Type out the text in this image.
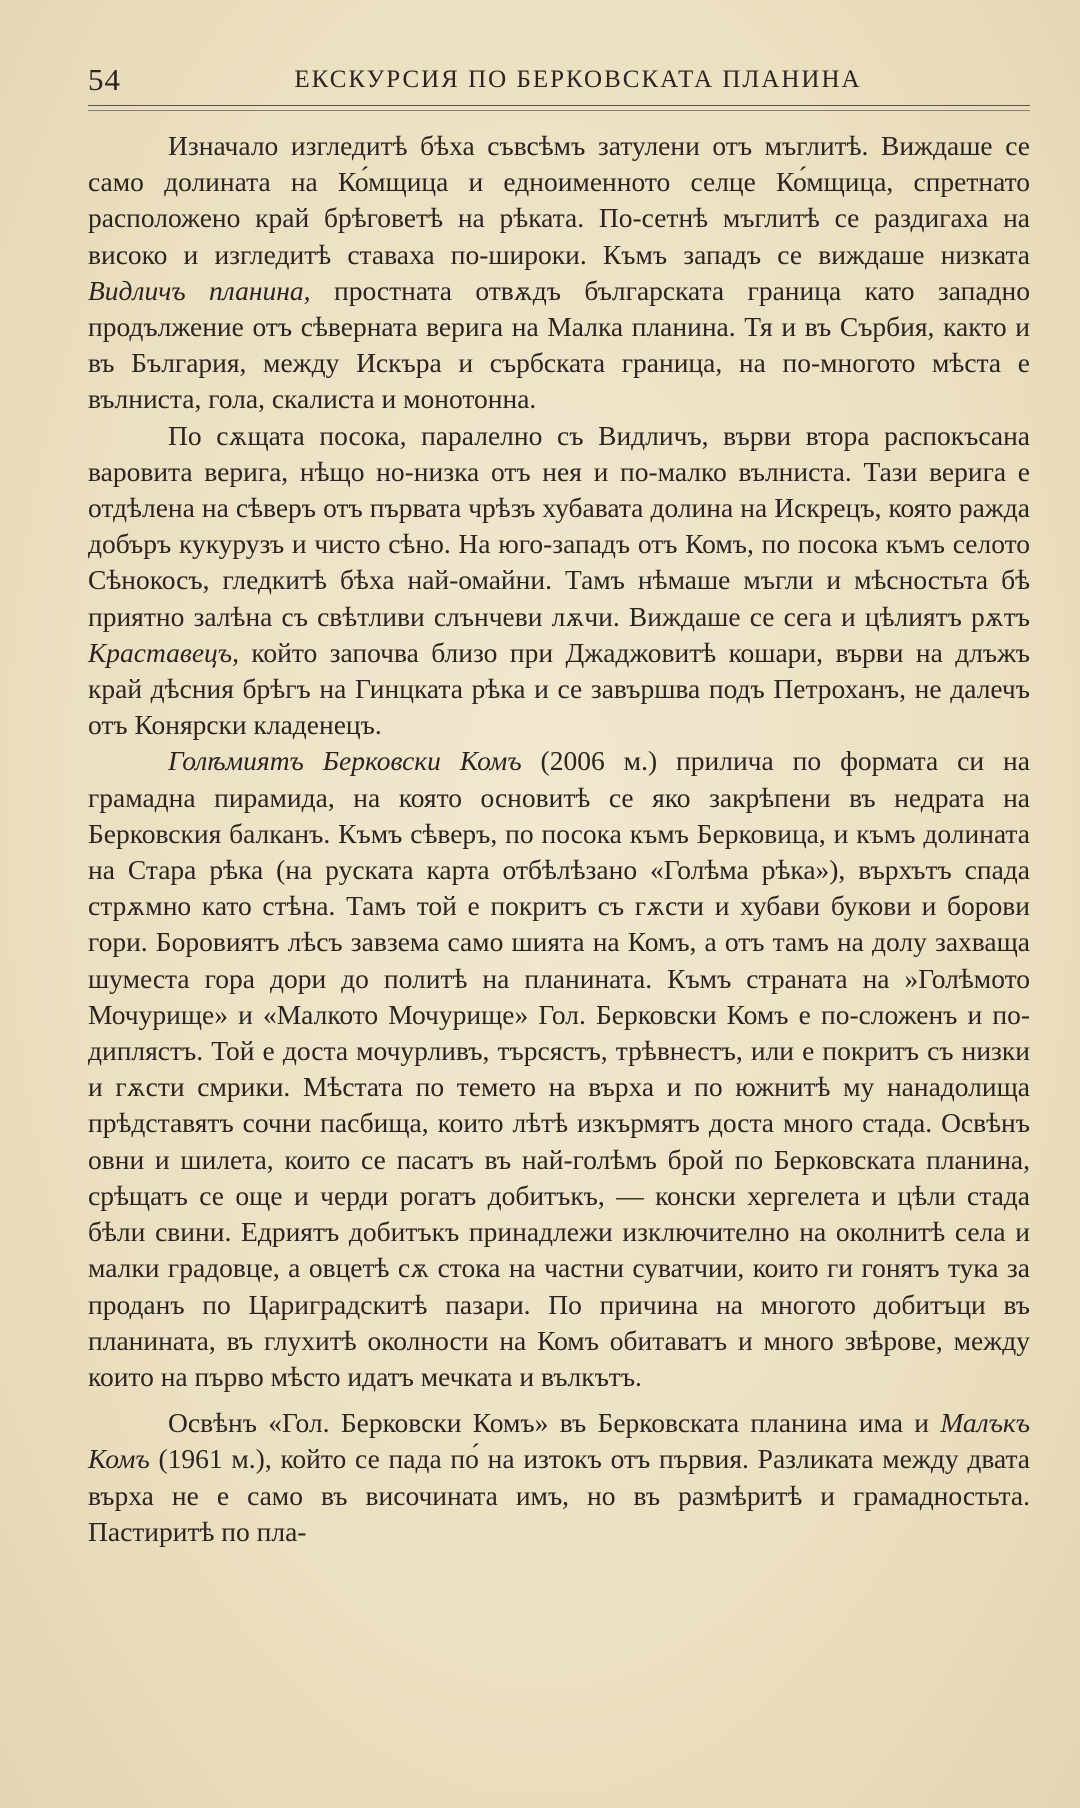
54	ЕКСКУРСИЯ ПО БЕРКОВСКАТА ПЛАНИНА

Изначало изгледитѣ бѣха съвсѣмъ затулени отъ мъглитѣ. Виждаше се само долината на Ко́мщица и едноименното селце Ко́мщица, спретнато расположено край брѣговетѣ на рѣката. По-сетнѣ мъглитѣ се раздигаха на високо и изгледитѣ ставаха по-широки. Къмъ западъ се виждаше низката Видличъ планина, простната отвѫдъ българската граница като западно продължение отъ сѣверната верига на Малка планина. Тя и въ Сърбия, както и въ България, между Искъра и сърбската граница, на по-многото мѣста е вълниста, гола, скалиста и монотонна.

По сѫщата посока, паралелно съ Видличъ, върви втора распокъсана варовита верига, нѣщо но-низка отъ нея и по-малко вълниста. Тази верига е отдѣлена на сѣверъ отъ първата чрѣзъ хубавата долина на Искрецъ, която ражда добъръ кукурузъ и чисто сѣно. На юго-западъ отъ Комъ, по посока къмъ селото Сѣнокосъ, гледкитѣ бѣха най-омайни. Тамъ нѣмаше мъгли и мѣсностьта бѣ приятно залѣна съ свѣтливи слънчеви лѫчи. Виждаше се сега и цѣлиятъ рѫтъ Краставецъ, който започва близо при Джаджовитѣ кошари, върви на длъжъ край дѣсния брѣгъ на Гинцката рѣка и се завършва подъ Петроханъ, не далечъ отъ Конярски кладенецъ.

Голѣмиятъ Берковски Комъ (2006 м.) прилича по формата си на грамадна пирамида, на която основитѣ се яко закрѣпени въ недрата на Берковския балканъ. Къмъ сѣверъ, по посока къмъ Берковица, и къмъ долината на Стара рѣка (на руската карта отбѣлѣзано «Голѣма рѣка»), върхътъ спада стрѫмно като стѣна. Тамъ той е покритъ съ гѫсти и хубави букови и борови гори. Боровиятъ лѣсъ завзема само шията на Комъ, а отъ тамъ на долу захваща шуместа гора дори до политѣ на планината. Къмъ страната на »Голѣмото Мочурище» и «Малкото Мочурище» Гол. Берковски Комъ е по-сложенъ и по-диплястъ. Той е доста мочурливъ, търсястъ, трѣвнестъ, или е покритъ съ низки и гѫсти смрики. Мѣстата по темето на върха и по южнитѣ му нанадолища прѣдставятъ сочни пасбища, които лѣтѣ изкърмятъ доста много стада. Освѣнъ овни и шилета, които се пасатъ въ най-голѣмъ брой по Берковската планина, срѣщатъ се още и черди рогатъ добитъкъ, — конски хергелета и цѣли стада бѣли свини. Едриятъ добитъкъ принадлежи изключително на околнитѣ села и малки градовце, а овцетѣ сѫ стока на частни суватчии, които ги гонятъ тука за проданъ по Цариградскитѣ пазари. По причина на многото добитъци въ планината, въ глухитѣ околности на Комъ обитаватъ и много звѣрове, между които на първо мѣсто идатъ мечката и вълкътъ.

Освѣнъ «Гол. Берковски Комъ» въ Берковската планина има и Малъкъ Комъ (1961 м.), който се пада по́ на изтокъ отъ първия. Разликата между двата върха не е само въ височината имъ, но въ размѣритѣ и грамадностьта. Пастиритѣ по пла-
